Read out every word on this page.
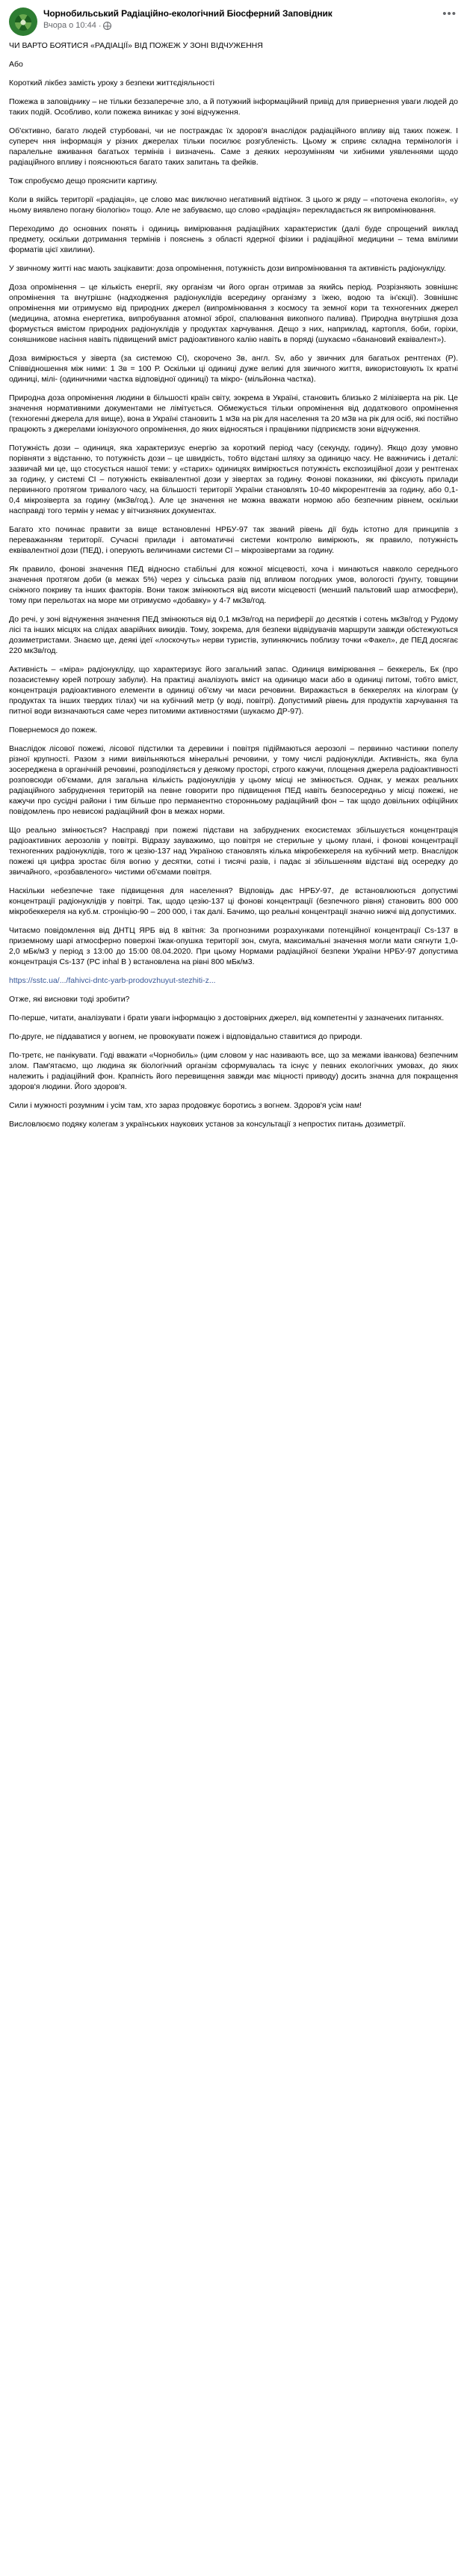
Чорнобильський Радіаційно-екологічний Біосферний Заповідник
Вчора о 10:44 ·
•••
ЧИ ВАРТО БОЯТИСЯ «РАДІАЦІЇ» ВІД ПОЖЕЖ У ЗОНІ ВІДЧУЖЕННЯ
Або

Короткий лікбез замість уроку з безпеки життєдіяльності

Пожежа в заповіднику – не тільки беззаперечне зло, а й потужний інформаційний привід для привернення уваги людей до таких подій. Особливо, коли пожежа виникає у зоні відчуження.

Об'єктивно, багато людей стурбовані, чи не постраждає їх здоров'я внаслідок радіаційного впливу від таких пожеж. І супереч ння інформація у різних джерелах тільки посилює розгубленість. Цьому ж сприяє складна термінологія і паралельне вживання багатьох термінів і визначень. Саме з деяких нерозумінням чи хибними уявленнями щодо радіаційного впливу і пояснюються багато таких запитань та фейків.

Тож спробуємо дещо прояснити картину.

Коли в якійсь території «радіація», це слово має виключно негативний відтінок. З цього ж ряду – «поточена екологія», «у ньому виявлено погану біологію» тощо. Але не забуваємо, що слово «радіація» перекладається як випромінювання.

Переходимо до основних понять і одиниць вимірювання радіаційних характеристик (далі буде спрощений виклад предмету, оскільки дотримання термінів і пояснень з області ядерної фізики і радіаційної медицини – тема вмілими форматів цієї хвилини).

У звичному житті нас мають зацікавити: доза опромінення, потужність дози випромінювання та активність радіонукліду.

Доза опромінення – це кількість енергії, яку організм чи його орган отримав за якийсь період. Розрізняють зовнішнє опромінення та внутрішнє (надходження радіонуклідів всередину організму з їжею, водою та ін'єкції). Зовнішнє опромінення ми отримуємо від природних джерел (випромінювання з космосу та земної кори та техногенних джерел (медицина, атомна енергетика, випробування атомної зброї, спалювання викопного палива). Природна внутрішня доза формується вмістом природних радіонуклідів у продуктах харчування. Дещо з них, наприклад, картопля, боби, горіхи, соняшникове насіння навіть підвищений вміст радіоактивного калію навіть в поряді (шукаємо «банановий еквівалент»).

Доза вимірюється у зіверта (за системою СІ), скорочено Зв, англ. Sv, або у звичних для багатьох рентгенах (Р). Співвідношення між ними: 1 Зв = 100 Р. Оскільки ці одиниці дуже великі для звичного життя, використовують їх кратні одиниці, мілі- (одиничними частка відповідної одиниці) та мікро- (мільйонна частка).

Природна доза опромінення людини в більшості країн світу, зокрема в Україні, становить близько 2 мілізіверта на рік. Це значення нормативними документами не лімітується. Обмежується тільки опромінення від додаткового опромінення (техногенні джерела для вище), вона в Україні становить 1 мЗв на рік для населення та 20 мЗв на рік для осіб, які постійно працюють з джерелами іонізуючого опромінення, до яких відносяться і працівники підприємств зони відчуження.

Потужність дози – одиниця, яка характеризує енергію за короткий період часу (секунду, годину). Якщо дозу умовно порівняти з відстанню, то потужність дози – це швидкість, тобто відстані шляху за одиницю часу. Не важничись і деталі: зазвичай ми це, що стосується нашої теми: у «старих» одиницях вимірюється потужність експозиційної дози у рентгенах за годину, у системі СІ – потужність еквівалентної дози у зівертах за годину. Фонові показники, які фіксують прилади первинного протягом тривалого часу, на більшості території України становлять 10-40 мікрорентгенів за годину, або 0,1-0,4 мікрозіверта за годину (мкЗв/год.). Але це значення не можна вважати нормою або безпечним рівнем, оскільки насправді того термін у немає у вітчизняних документах.

Багато хто починає правити за вище встановленні НРБУ-97 так званий рівень дії будь істотно для принципів з переважанням території. Сучасні прилади і автоматичні системи контролю вимірюють, як правило, потужність еквівалентної дози (ПЕД), і оперують величинами системи СІ – мікрозівертами за годину.

Як правило, фонові значення ПЕД відносно стабільні для кожної місцевості, хоча і минаються навколо середнього значення протягом доби (в межах 5%) через у сільська разів під впливом погодних умов, вологості ґрунту, товщини сніжного покриву та інших факторів. Вони також змінюються від висоти місцевості (менший пальтовий шар атмосфери), тому при перельотах на море ми отримуємо «добавку» у 4-7 мкЗв/год.

До речі, у зоні відчуження значення ПЕД змінюються від 0,1 мкЗв/год на периферії до десятків і сотень мкЗв/год у Рудому лісі та інших місцях на слідах аварійних викидів. Тому, зокрема, для безпеки відвідувачів маршрути завжди обстежуються дозиметристами. Знаємо ще, деякі ідеї «лоскочуть» нерви туристів, зупиняючись поблизу точки «Факел», де ПЕД досягає 220 мкЗв/год.

Активність – «міра» радіонукліду, що характеризує його загальний запас. Одиниця вимірювання – беккерель, Бк (про позасистемну юрей потрошу забули). На практиці аналізують вміст на одиницю маси або в одиниці питомі, тобто вміст, концентрація радіоактивного елементи в одиниці об'єму чи маси речовини. Виражається в беккерелях на кілограм (у продуктах та інших твердих тілах) чи на кубічний метр (у воді, повітрі). Допустимий рівень для продуктів харчування та питної води визначаються саме через питомими активностями (шукаємо ДР-97).

Повернемося до пожеж.

Внаслідок лісової пожежі, лісової підстилки та деревини і повітря підіймаються аерозолі – первинно частинки попелу різної крупності. Разом з ними вивільняються мінеральні речовини, у тому числі радіонукліди. Активність, яка була зосереджена в органічній речовині, розподіляється у деякому просторі, строго кажучи, площення джерела радіоактивності розповсюди об'ємами, для загальна кількість радіонуклідів у цьому місці не змінюється. Однак, у межах реальних радіаційного забруднення територій на певне говорити про підвищення ПЕД навіть безпосередньо у місці пожежі, не кажучи про сусідні райони і тим більше про перманентно сторонньому радіаційний фон – так щодо довільних офіційних повідомлень про невисокі радіаційний фон в межах норми.

Що реально змінюється? Насправді при пожежі підстави на забруднених екосистемах збільшується концентрація радіоактивних аерозолів у повітрі. Відразу зауважимо, що повітря не стерильне у цьому плані, і фонові концентрації техногенних радіонуклідів, того ж цезію-137 над Україною становлять кілька мікробеккереля на кубічний метр. Внаслідок пожежі ця цифра зростає біля вогню у десятки, сотні і тисячі разів, і падає зі збільшенням відстані від осередку до звичайного, «розбавленого» чистими об'ємами повітря.

Наскільки небезпечне таке підвищення для населення? Відповідь дає НРБУ-97, де встановлюються допустимі концентрації радіонуклідів у повітрі. Так, щодо цезію-137 ці фонові концентрації (безпечного рівня) становить 800 000 мікробеккереля на куб.м. строніцію-90 – 200 000, і так далі. Бачимо, що реальні концентрації значно нижчі від допустимих.

Читаємо повідомлення від ДНТЦ ЯРБ від 8 квітня: За прогнозними розрахунками потенційної концентрації Cs-137 в приземному шарі атмосферно поверхні їжак-опушка території зон, смуга, максимальні значення могли мати сягнути 1,0-2,0 мБк/м3 у період з 13:00 до 15:00 08.04.2020. При цьому Нормами радіаційної безпеки України НРБУ-97 допустима концентрація Cs-137 (РС inhal B ) встановлена на рівні 800 мБк/м3.

https://sstc.ua/.../fahivci-dntc-yarb-prodovzhuyut-stezhiti-z...

Отже, які висновки тоді зробити?

По-перше, читати, аналізувати і брати уваги інформацію з достовірних джерел, від компетентні у зазначених питаннях.

По-друге, не піддаватися у вогнем, не провокувати пожеж і відповідально ставитися до природи.

По-третє, не панікувати. Годі вважати «Чорнобиль» (цим словом у нас називають все, що за межами іванкова) безпечним злом. Пам'ятаємо, що людина як біологічний організм сформувалась та існує у певних екологічних умовах, до яких належить і радіаційний фон. Крапність його перевищення завжди має міцності приводу) досить значна для покращення здоров'я людини. Його здоров'я.

Сили і мужності розумним і усім там, хто зараз продовжує боротись з вогнем. Здоров'я усім нам!

Висловлюємо подяку колегам з українських наукових установ за консультації з непростих питань дозиметрії.
